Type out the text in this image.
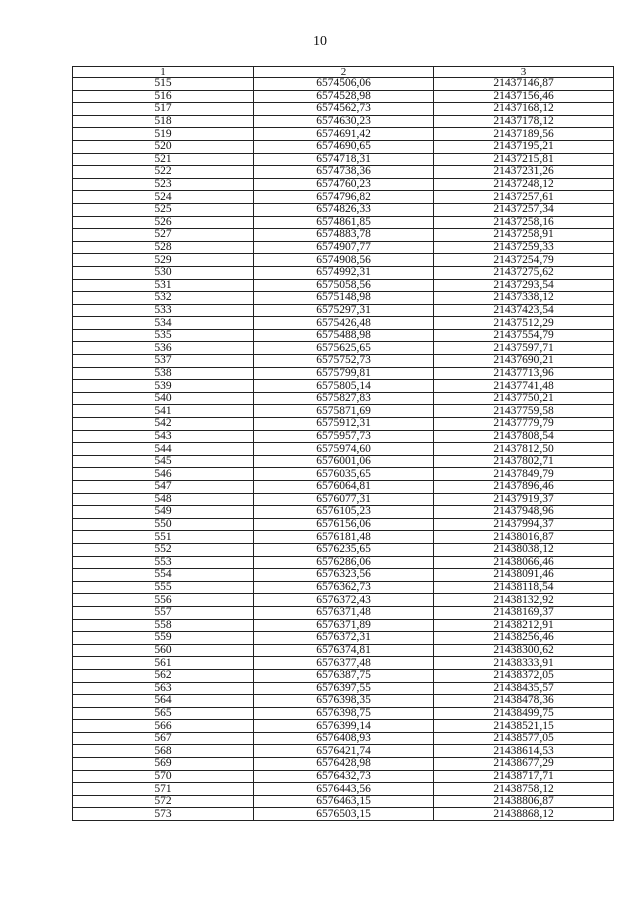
10
1	2	3
515	6574506,06	21437146,87
516	6574528,98	21437156,46
517	6574562,73	21437168,12
518	6574630,23	21437178,12
519	6574691,42	21437189,56
520	6574690,65	21437195,21
521	6574718,31	21437215,81
522	6574738,36	21437231,26
523	6574760,23	21437248,12
524	6574796,82	21437257,61
525	6574826,33	21437257,34
526	6574861,85	21437258,16
527	6574883,78	21437258,91
528	6574907,77	21437259,33
529	6574908,56	21437254,79
530	6574992,31	21437275,62
531	6575058,56	21437293,54
532	6575148,98	21437338,12
533	6575297,31	21437423,54
534	6575426,48	21437512,29
535	6575488,98	21437554,79
536	6575625,65	21437597,71
537	6575752,73	21437690,21
538	6575799,81	21437713,96
539	6575805,14	21437741,48
540	6575827,83	21437750,21
541	6575871,69	21437759,58
542	6575912,31	21437779,79
543	6575957,73	21437808,54
544	6575974,60	21437812,50
545	6576001,06	21437802,71
546	6576035,65	21437849,79
547	6576064,81	21437896,46
548	6576077,31	21437919,37
549	6576105,23	21437948,96
550	6576156,06	21437994,37
551	6576181,48	21438016,87
552	6576235,65	21438038,12
553	6576286,06	21438066,46
554	6576323,56	21438091,46
555	6576362,73	21438118,54
556	6576372,43	21438132,92
557	6576371,48	21438169,37
558	6576371,89	21438212,91
559	6576372,31	21438256,46
560	6576374,81	21438300,62
561	6576377,48	21438333,91
562	6576387,75	21438372,05
563	6576397,55	21438435,57
564	6576398,35	21438478,36
565	6576398,75	21438499,75
566	6576399,14	21438521,15
567	6576408,93	21438577,05
568	6576421,74	21438614,53
569	6576428,98	21438677,29
570	6576432,73	21438717,71
571	6576443,56	21438758,12
572	6576463,15	21438806,87
573	6576503,15	21438868,12
